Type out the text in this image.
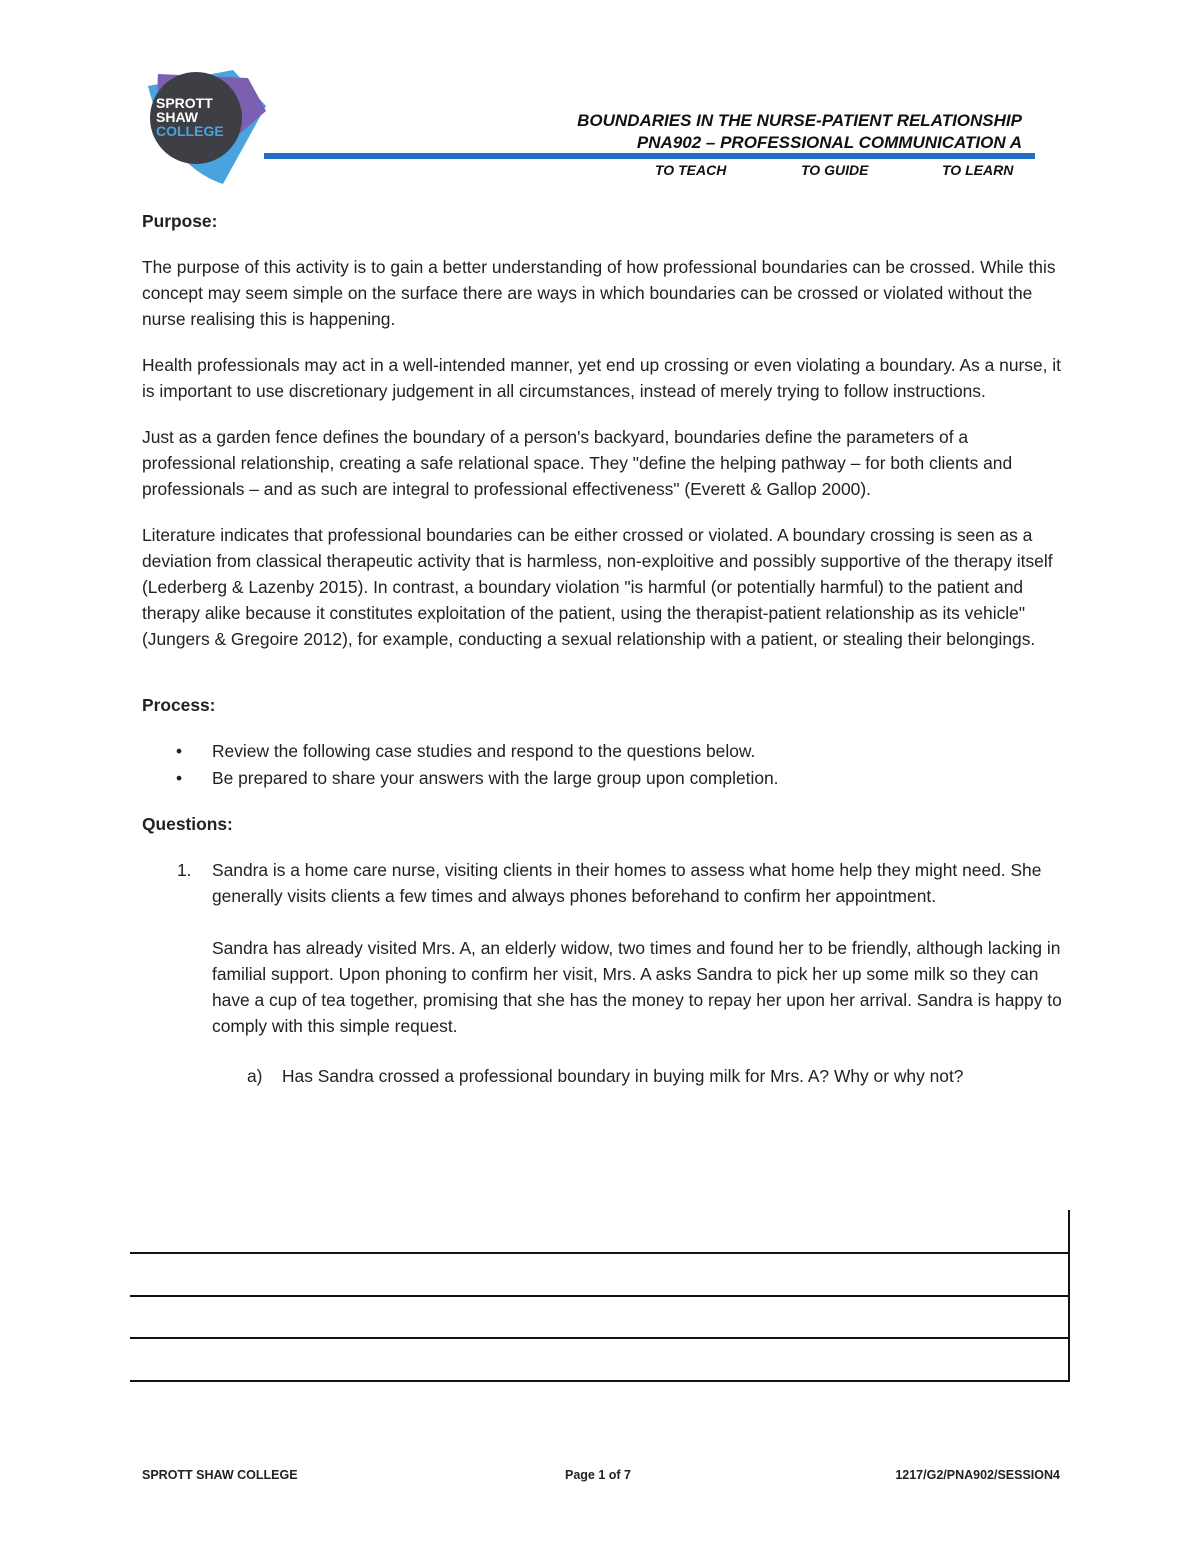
SPROTT
SHAW
COLLEGE
BOUNDARIES IN THE NURSE-PATIENT RELATIONSHIP
PNA902 – PROFESSIONAL COMMUNICATION A
TO TEACH	TO GUIDE	TO LEARN
Purpose:
The purpose of this activity is to gain a better understanding of how professional boundaries can be crossed. While this concept may seem simple on the surface there are ways in which boundaries can be crossed or violated without the nurse realising this is happening.
Health professionals may act in a well-intended manner, yet end up crossing or even violating a boundary. As a nurse, it is important to use discretionary judgement in all circumstances, instead of merely trying to follow instructions.
Just as a garden fence defines the boundary of a person's backyard, boundaries define the parameters of a professional relationship, creating a safe relational space. They "define the helping pathway – for both clients and professionals – and as such are integral to professional effectiveness" (Everett & Gallop 2000).
Literature indicates that professional boundaries can be either crossed or violated. A boundary crossing is seen as a deviation from classical therapeutic activity that is harmless, non-exploitive and possibly supportive of the therapy itself (Lederberg & Lazenby 2015). In contrast, a boundary violation "is harmful (or potentially harmful) to the patient and therapy alike because it constitutes exploitation of the patient, using the therapist-patient relationship as its vehicle" (Jungers & Gregoire 2012), for example, conducting a sexual relationship with a patient, or stealing their belongings.
Process:
• Review the following case studies and respond to the questions below.
• Be prepared to share your answers with the large group upon completion.
Questions:
1.	Sandra is a home care nurse, visiting clients in their homes to assess what home help they might need. She generally visits clients a few times and always phones beforehand to confirm her appointment.
Sandra has already visited Mrs. A, an elderly widow, two times and found her to be friendly, although lacking in familial support. Upon phoning to confirm her visit, Mrs. A asks Sandra to pick her up some milk so they can have a cup of tea together, promising that she has the money to repay her upon her arrival. Sandra is happy to comply with this simple request.
a)	Has Sandra crossed a professional boundary in buying milk for Mrs. A? Why or why not?
SPROTT SHAW COLLEGE	Page 1 of 7	1217/G2/PNA902/SESSION4
